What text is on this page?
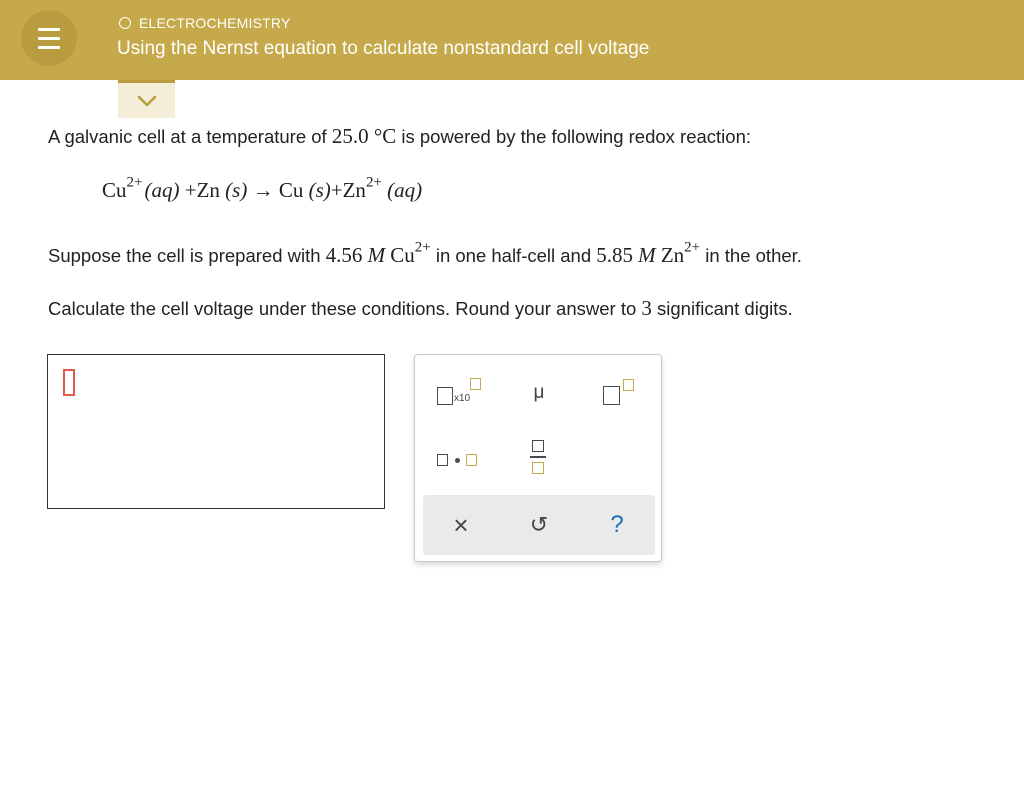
ELECTROCHEMISTRY
Using the Nernst equation to calculate nonstandard cell voltage
A galvanic cell at a temperature of 25.0 °C is powered by the following redox reaction:
$Cu^{2+}(aq) +Zn$ (s) → Cu $(s)+Zn^{2+}$ (aq)
Suppose the cell is prepared with 4.56 M $Cu^{2+}$ in one half-cell and 5.85 M $Zn^{2+}$ in the other.
Calculate the cell voltage under these conditions. Round your answer to 3 significant digits.
x10	μ
×	↺	?
